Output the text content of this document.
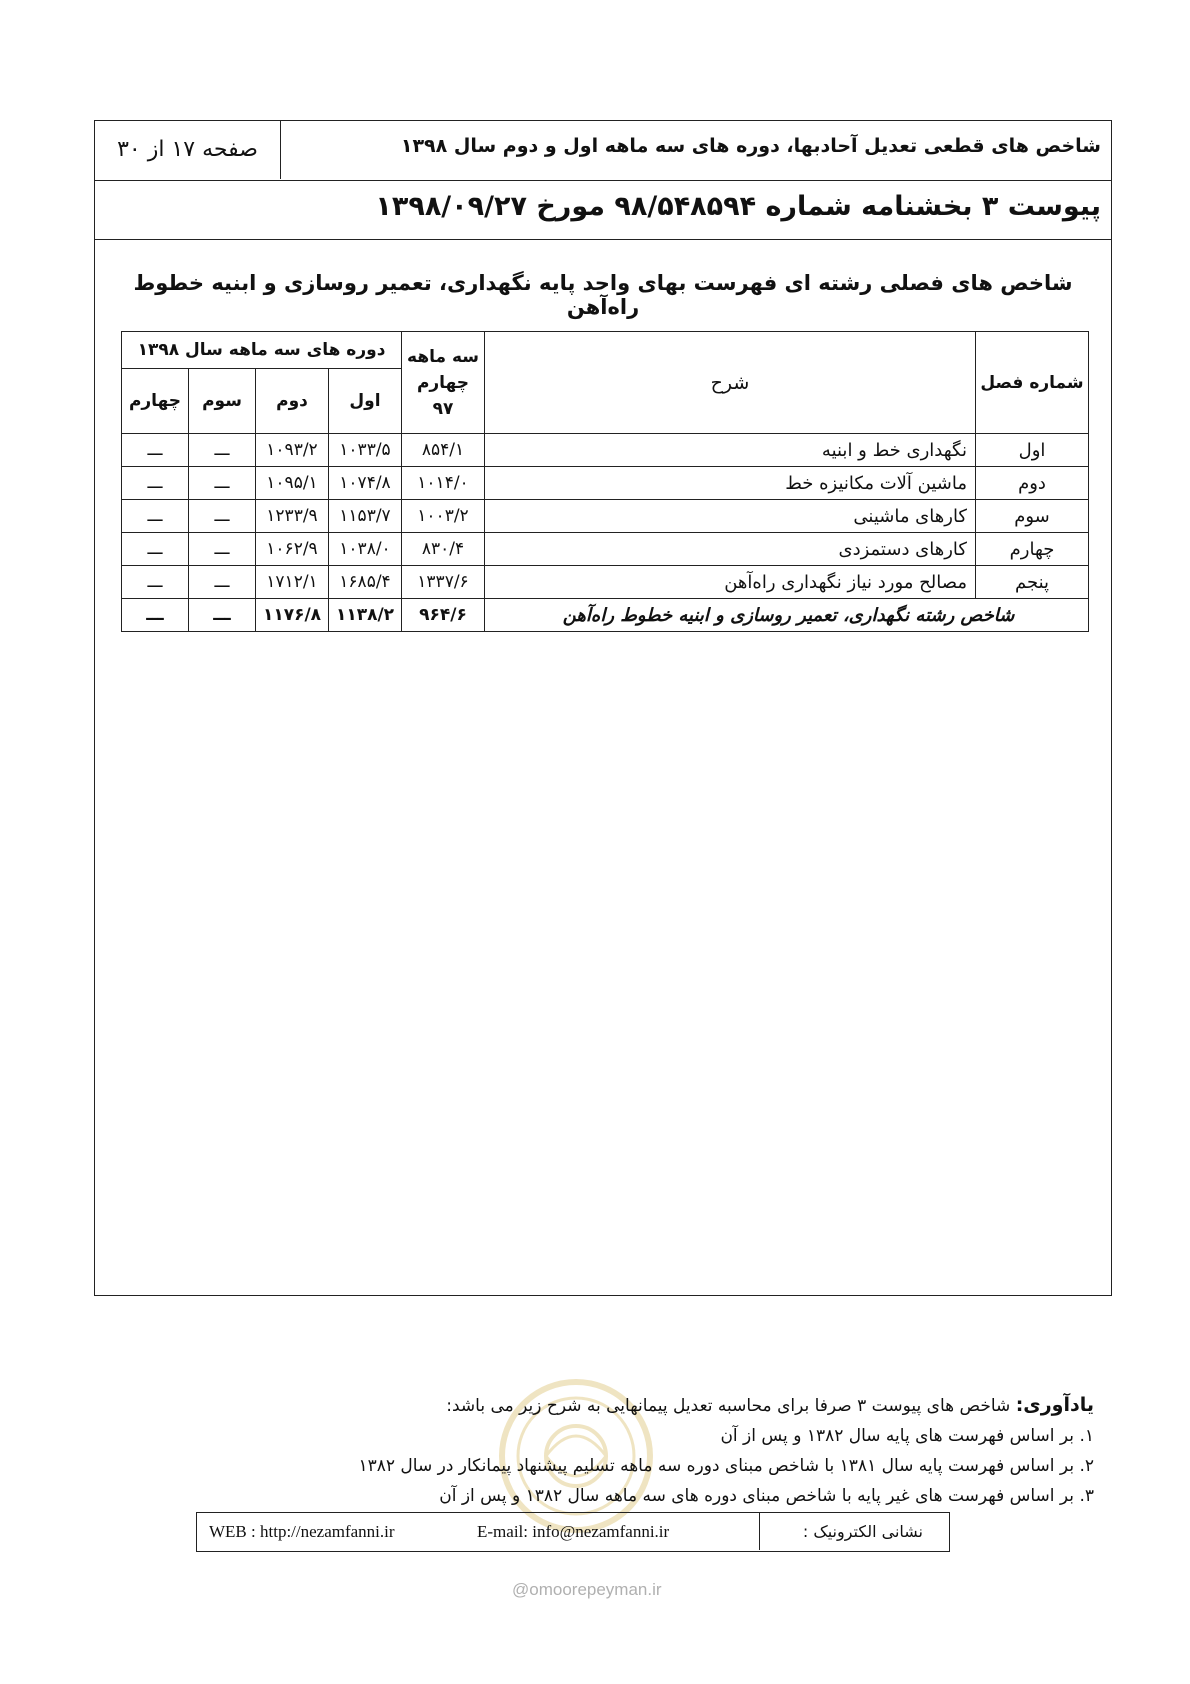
شاخص های قطعی تعدیل آحادبها، دوره های سه ماهه اول و دوم سال ۱۳۹۸
صفحه ۱۷ از ۳۰
پیوست ۳ بخشنامه شماره ۹۸/۵۴۸۵۹۴ مورخ ۱۳۹۸/۰۹/۲۷
شاخص های فصلی رشته ای فهرست بهای واحد پایه نگهداری، تعمیر روسازی و ابنیه خطوط راه‌آهن
شماره فصل	شرح	سه ماهه چهارم ۹۷	دوره های سه ماهه سال ۱۳۹۸			
			اول	دوم	سوم	چهارم
اول	نگهداری خط و ابنیه	۸۵۴/۱	۱۰۳۳/۵	۱۰۹۳/۲	ـــ	ـــ
دوم	ماشین آلات مکانیزه خط	۱۰۱۴/۰	۱۰۷۴/۸	۱۰۹۵/۱	ـــ	ـــ
سوم	کارهای ماشینی	۱۰۰۳/۲	۱۱۵۳/۷	۱۲۳۳/۹	ـــ	ـــ
چهارم	کارهای دستمزدی	۸۳۰/۴	۱۰۳۸/۰	۱۰۶۲/۹	ـــ	ـــ
پنجم	مصالح مورد نیاز نگهداری راه‌آهن	۱۳۳۷/۶	۱۶۸۵/۴	۱۷۱۲/۱	ـــ	ـــ
شاخص رشته نگهداری، تعمیر روسازی و ابنیه خطوط راه‌آهن		۹۶۴/۶	۱۱۳۸/۲	۱۱۷۶/۸	ـــ	ـــ
یادآوری: شاخص های پیوست ۳ صرفا برای محاسبه تعدیل پیمانهایی به شرح زیر می باشد:
۱. بر اساس فهرست های پایه سال ۱۳۸۲ و پس از آن
۲. بر اساس فهرست پایه سال ۱۳۸۱ با شاخص مبنای دوره سه ماهه تسلیم پیشنهاد پیمانکار در سال ۱۳۸۲
۳. بر اساس فهرست های غیر پایه با شاخص مبنای دوره های سه ماهه سال ۱۳۸۲ و پس از آن
نشانی الکترونیک :
E-mail: info@nezamfanni.ir
WEB : http://nezamfanni.ir
@omoorepeyman.ir
